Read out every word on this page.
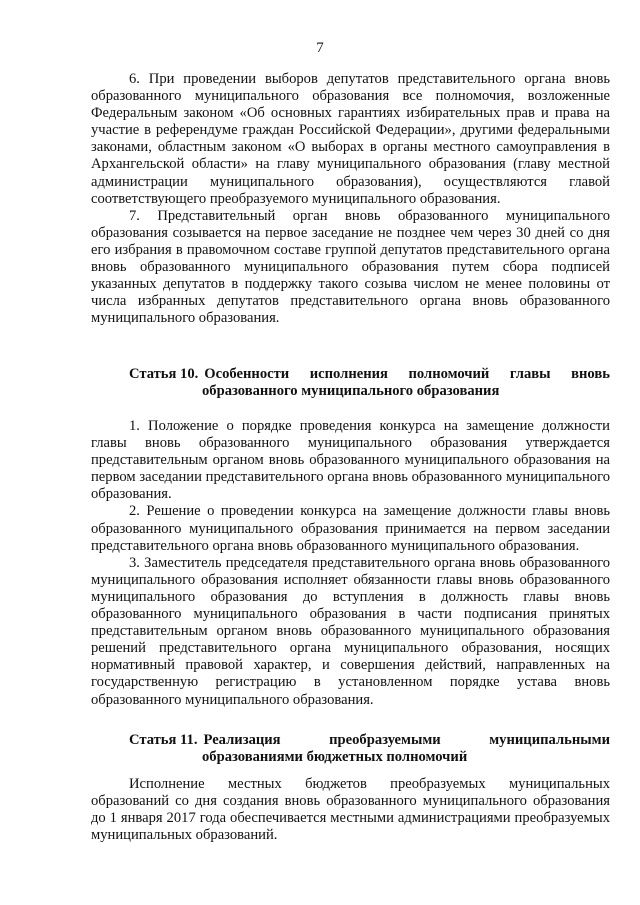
7

6. При проведении выборов депутатов представительного органа вновь образованного муниципального образования все полномочия, возложенные Федеральным законом «Об основных гарантиях избирательных прав и права на участие в референдуме граждан Российской Федерации», другими федеральными законами, областным законом «О выборах в органы местного самоуправления в Архангельской области» на главу муниципального образования (главу местной администрации муниципального образования), осуществляются главой соответствующего преобразуемого муниципального образования.

7. Представительный орган вновь образованного муниципального образования созывается на первое заседание не позднее чем через 30 дней со дня его избрания в правомочном составе группой депутатов представительного органа вновь образованного муниципального образования путем сбора подписей указанных депутатов в поддержку такого созыва числом не менее половины от числа избранных депутатов представительного органа вновь образованного муниципального образования.

Статья 10. Особенности исполнения полномочий главы вновь
образованного муниципального образования

1. Положение о порядке проведения конкурса на замещение должности главы вновь образованного муниципального образования утверждается представительным органом вновь образованного муниципального образования на первом заседании представительного органа вновь образованного муниципального образования.

2. Решение о проведении конкурса на замещение должности главы вновь образованного муниципального образования принимается на первом заседании представительного органа вновь образованного муниципального образования.

3. Заместитель председателя представительного органа вновь образованного муниципального образования исполняет обязанности главы вновь образованного муниципального образования до вступления в должность главы вновь образованного муниципального образования в части подписания принятых представительным органом вновь образованного муниципального образования решений представительного органа муниципального образования, носящих нормативный правовой характер, и совершения действий, направленных на государственную регистрацию в установленном порядке устава вновь образованного муниципального образования.

Статья 11. Реализация	преобразуемыми	муниципальными
образованиями бюджетных полномочий

Исполнение местных бюджетов преобразуемых муниципальных образований со дня создания вновь образованного муниципального образования до 1 января 2017 года обеспечивается местными администрациями преобразуемых муниципальных образований.
